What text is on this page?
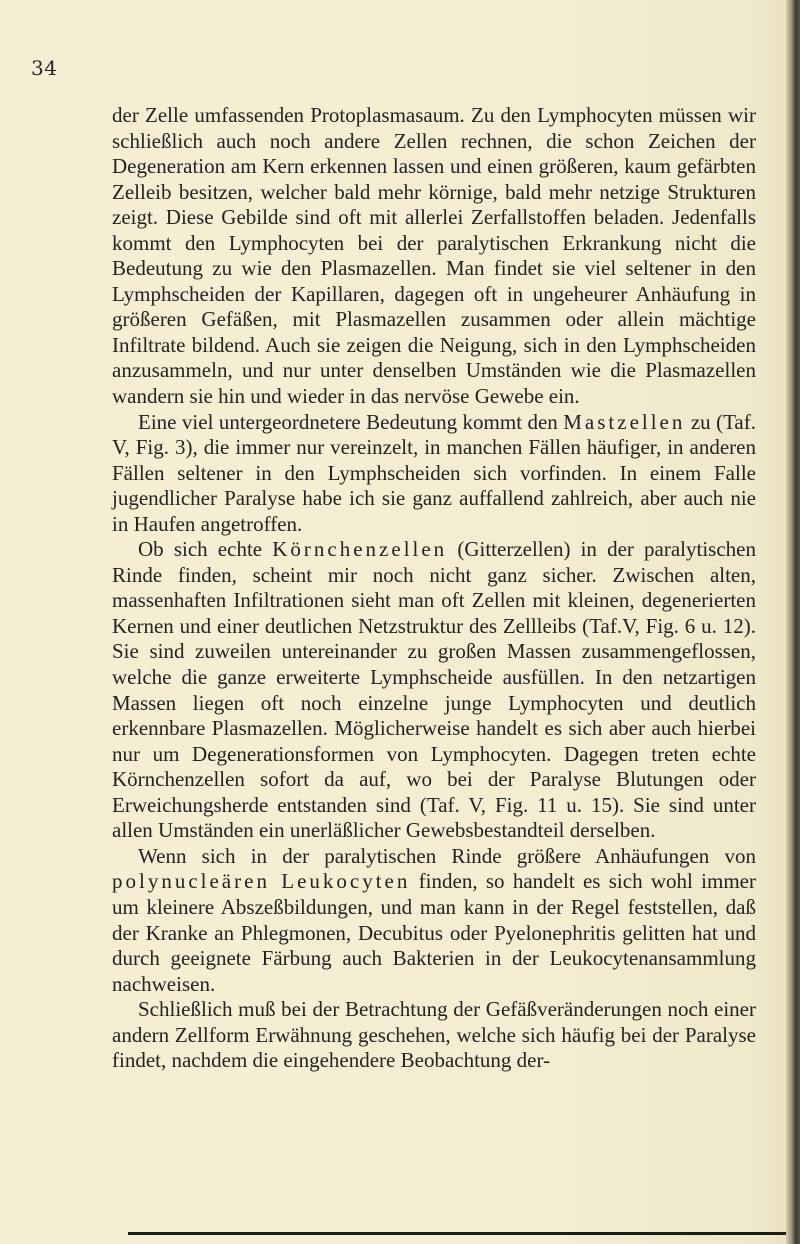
34

der Zelle umfassenden Protoplasmasaum. Zu den Lymphocyten müssen wir schließlich auch noch andere Zellen rechnen, die schon Zeichen der Degeneration am Kern erkennen lassen und einen größeren, kaum gefärbten Zelleib besitzen, welcher bald mehr körnige, bald mehr netzige Strukturen zeigt. Diese Gebilde sind oft mit allerlei Zerfallstoffen beladen. Jedenfalls kommt den Lymphocyten bei der paralytischen Erkrankung nicht die Bedeutung zu wie den Plasmazellen. Man findet sie viel seltener in den Lymphscheiden der Kapillaren, dagegen oft in ungeheurer Anhäufung in größeren Gefäßen, mit Plasmazellen zusammen oder allein mächtige Infiltrate bildend. Auch sie zeigen die Neigung, sich in den Lymphscheiden anzusammeln, und nur unter denselben Umständen wie die Plasmazellen wandern sie hin und wieder in das nervöse Gewebe ein.

Eine viel untergeordnetere Bedeutung kommt den Mastzellen zu (Taf. V, Fig. 3), die immer nur vereinzelt, in manchen Fällen häufiger, in anderen Fällen seltener in den Lymphscheiden sich vorfinden. In einem Falle jugendlicher Paralyse habe ich sie ganz auffallend zahlreich, aber auch nie in Haufen angetroffen.

Ob sich echte Körnchenzellen (Gitterzellen) in der paralytischen Rinde finden, scheint mir noch nicht ganz sicher. Zwischen alten, massenhaften Infiltrationen sieht man oft Zellen mit kleinen, degenerierten Kernen und einer deutlichen Netzstruktur des Zellleibs (Taf.V, Fig. 6 u. 12). Sie sind zuweilen untereinander zu großen Massen zusammengeflossen, welche die ganze erweiterte Lymphscheide ausfüllen. In den netzartigen Massen liegen oft noch einzelne junge Lymphocyten und deutlich erkennbare Plasmazellen. Möglicherweise handelt es sich aber auch hierbei nur um Degenerationsformen von Lymphocyten. Dagegen treten echte Körnchenzellen sofort da auf, wo bei der Paralyse Blutungen oder Erweichungsherde entstanden sind (Taf. V, Fig. 11 u. 15). Sie sind unter allen Umständen ein unerläßlicher Gewebsbestandteil derselben.

Wenn sich in der paralytischen Rinde größere Anhäufungen von polynucleären Leukocyten finden, so handelt es sich wohl immer um kleinere Abszeßbildungen, und man kann in der Regel feststellen, daß der Kranke an Phlegmonen, Decubitus oder Pyelonephritis gelitten hat und durch geeignete Färbung auch Bakterien in der Leukocytenansammlung nachweisen.

Schließlich muß bei der Betrachtung der Gefäßveränderungen noch einer andern Zellform Erwähnung geschehen, welche sich häufig bei der Paralyse findet, nachdem die eingehendere Beobachtung der-
